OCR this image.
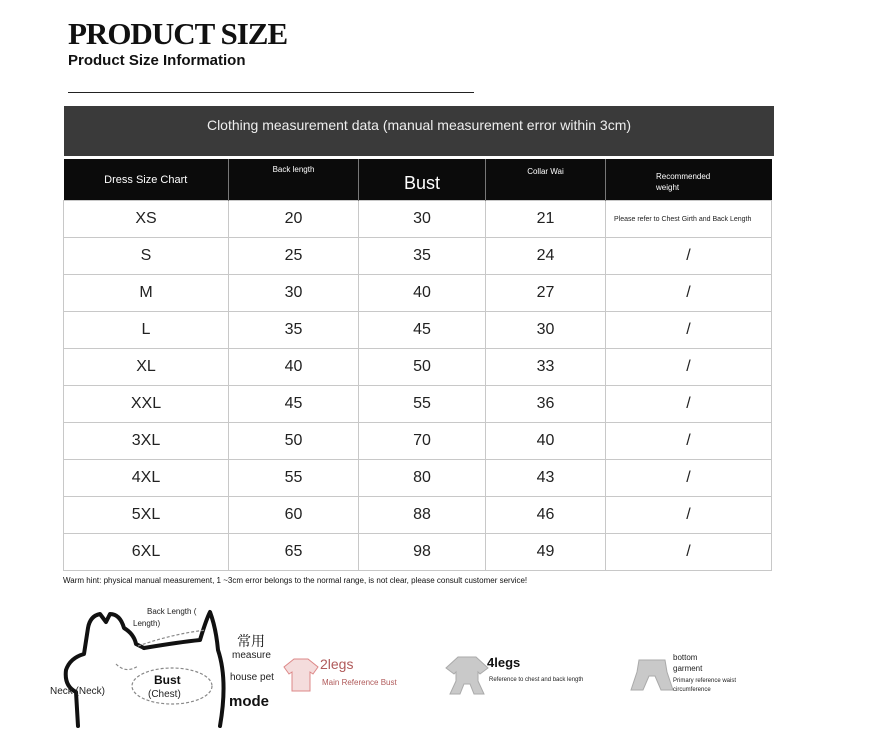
PRODUCT SIZE
Product Size Information
Clothing measurement data (manual measurement error within 3cm)
Dress Size Chart	Back length	Bust	Collar Wai	Recommended
weight

XS	20	30	21	Please refer to Chest Girth and Back Length
S	25	35	24	/
M	30	40	27	/
L	35	45	30	/
XL	40	50	33	/
XXL	45	55	36	/
3XL	50	70	40	/
4XL	55	80	43	/
5XL	60	88	46	/
6XL	65	98	49	/
Warm hint: physical manual measurement, 1 ~3cm error belongs to the normal range, is not clear, please consult customer service!
Back Length (
Length)
Neck (Neck)
Bust
(Chest)
常用
measure
house pet
mode
2legs
Main Reference Bust
4legs
Reference to chest and back length
bottom
garment
Primary reference waist
circumference
